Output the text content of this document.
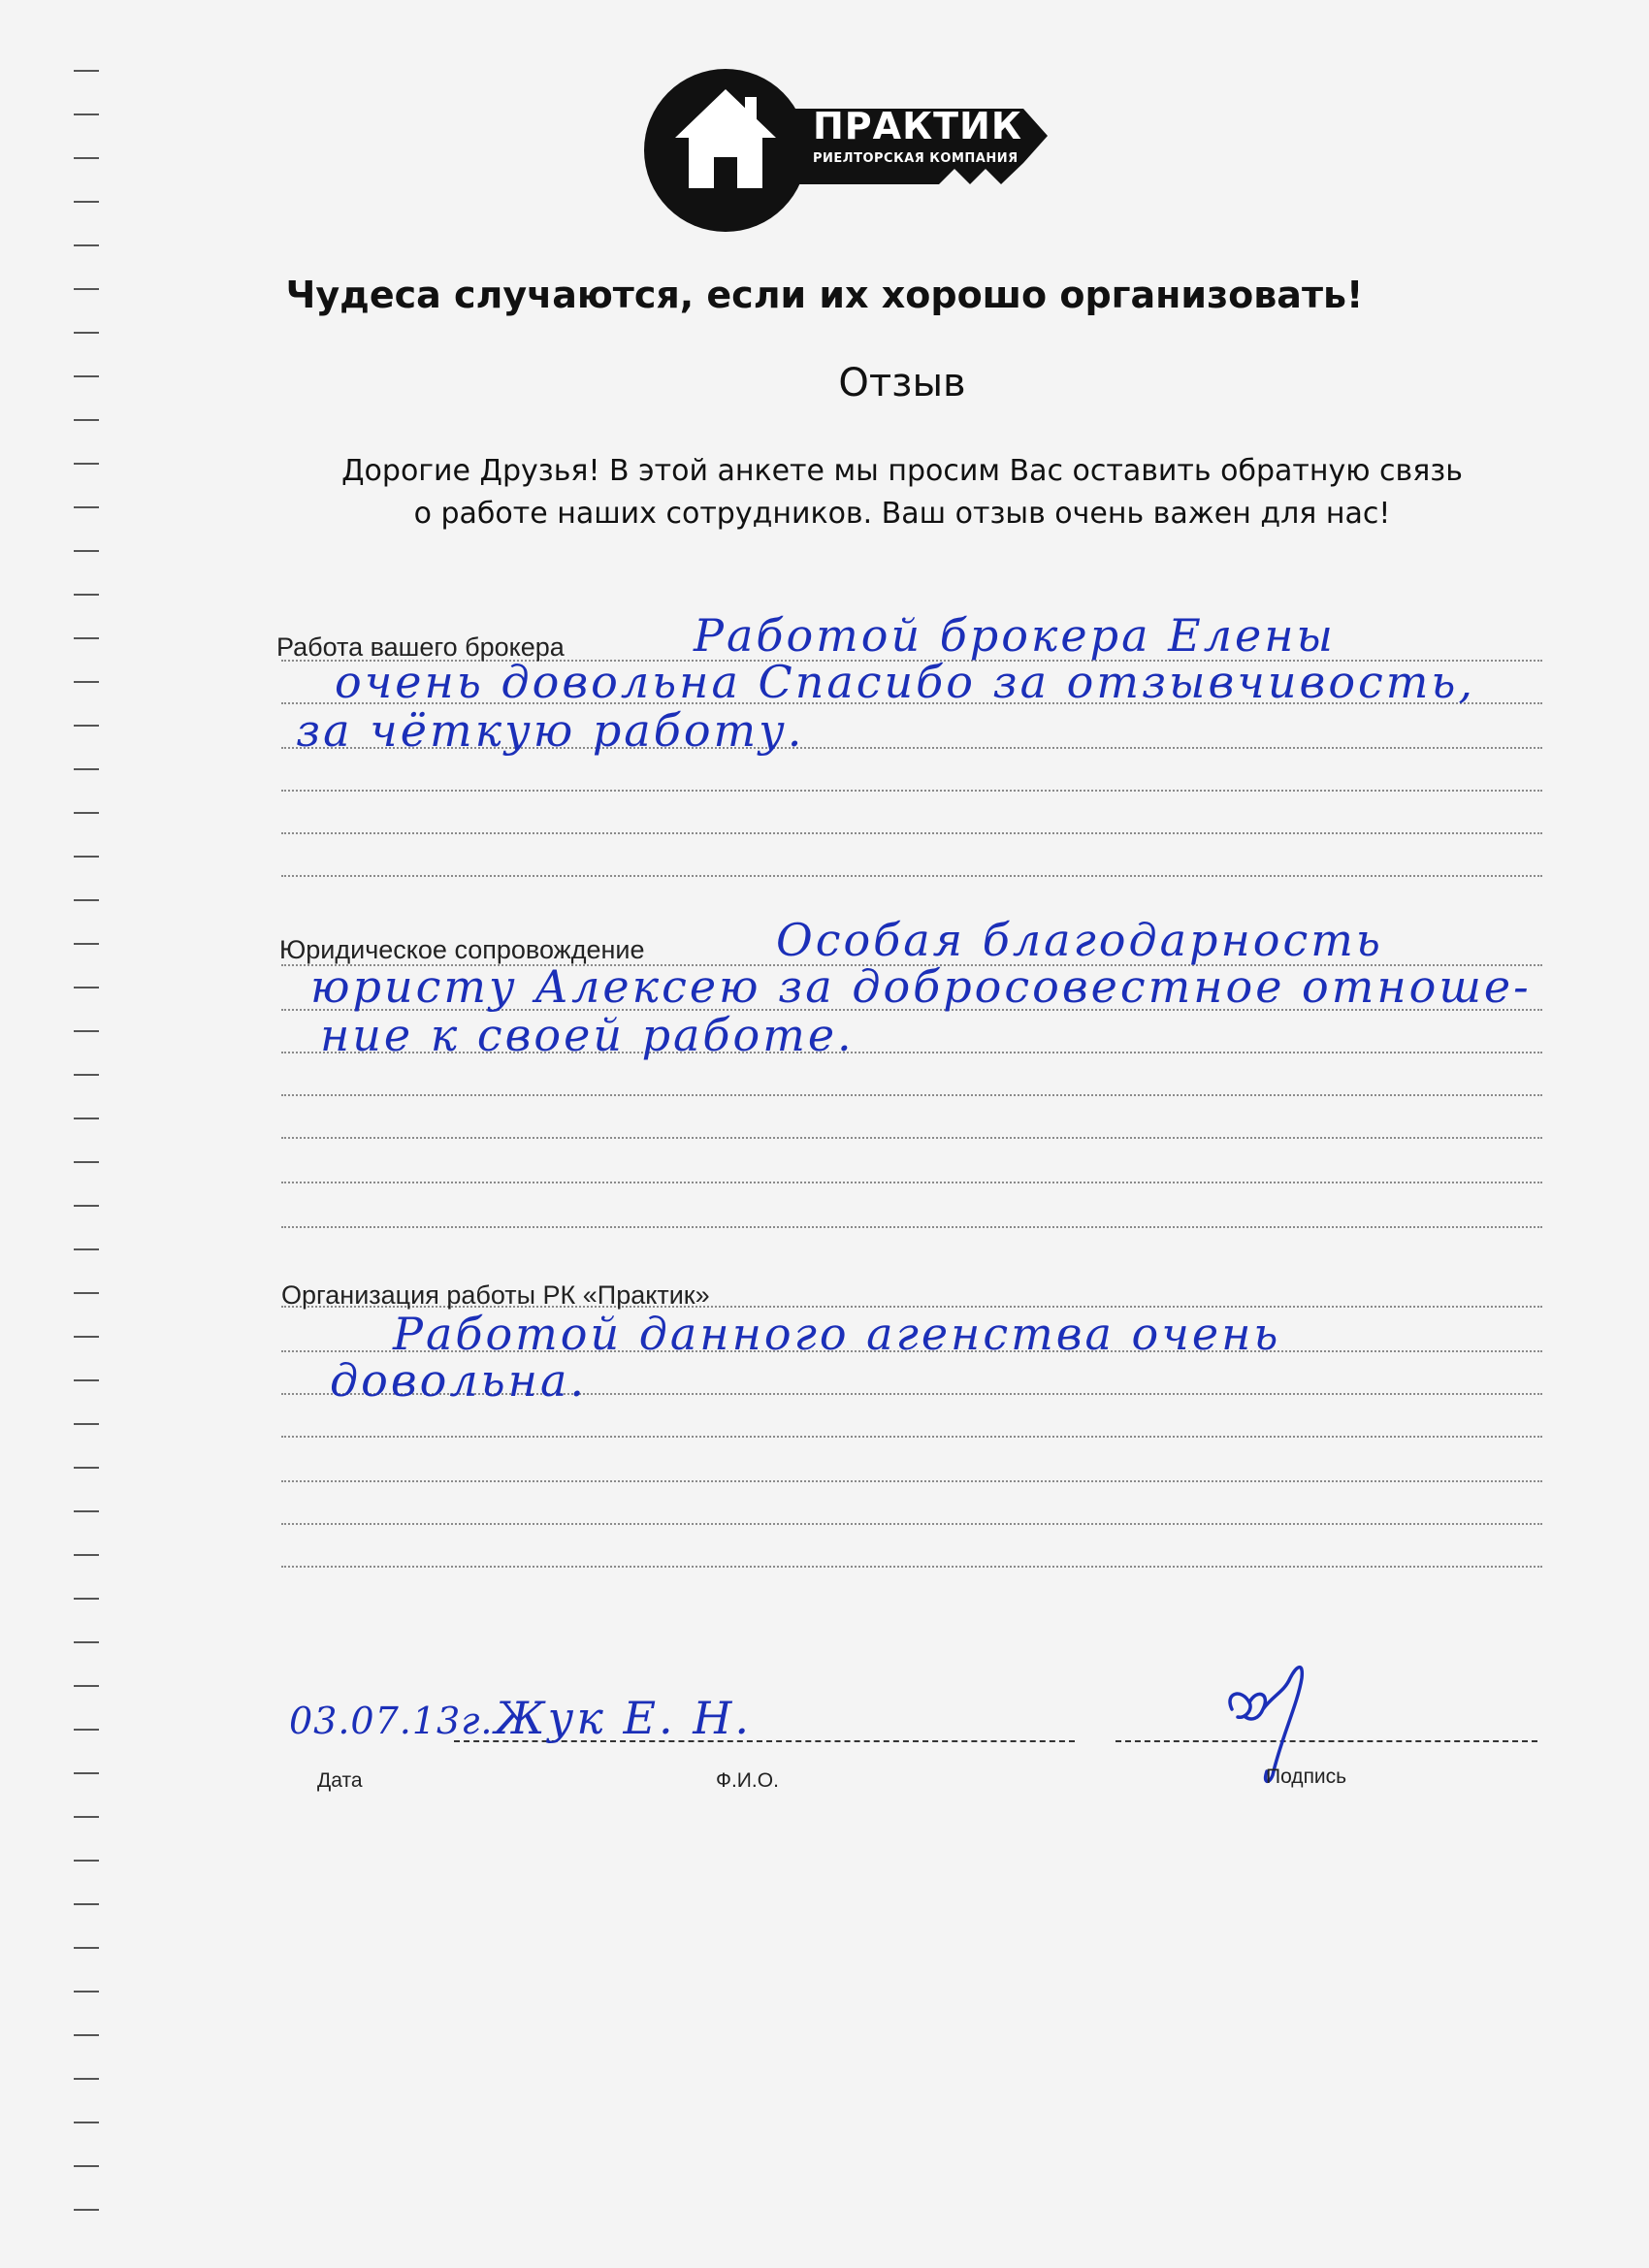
ПРАКТИК
РИЕЛТОРСКАЯ КОМПАНИЯ
Чудеса случаются, если их хорошо организовать!
Отзыв
Дорогие Друзья! В этой анкете мы просим Вас оставить обратную связь
о работе наших сотрудников. Ваш отзыв очень важен для нас!
Работа вашего брокера	Работой брокера Елены
очень довольна Спасибо за отзывчивость,
за чёткую работу.
Юридическое сопровождение	Особая благодарность
юристу Алексею за добросовестное отноше-
ние к своей работе.
Организация работы РК «Практик»
Работой данного агенства очень
довольна.
03.07.13г. Жук Е. Н.
Дата	Ф.И.О.	Подпись
